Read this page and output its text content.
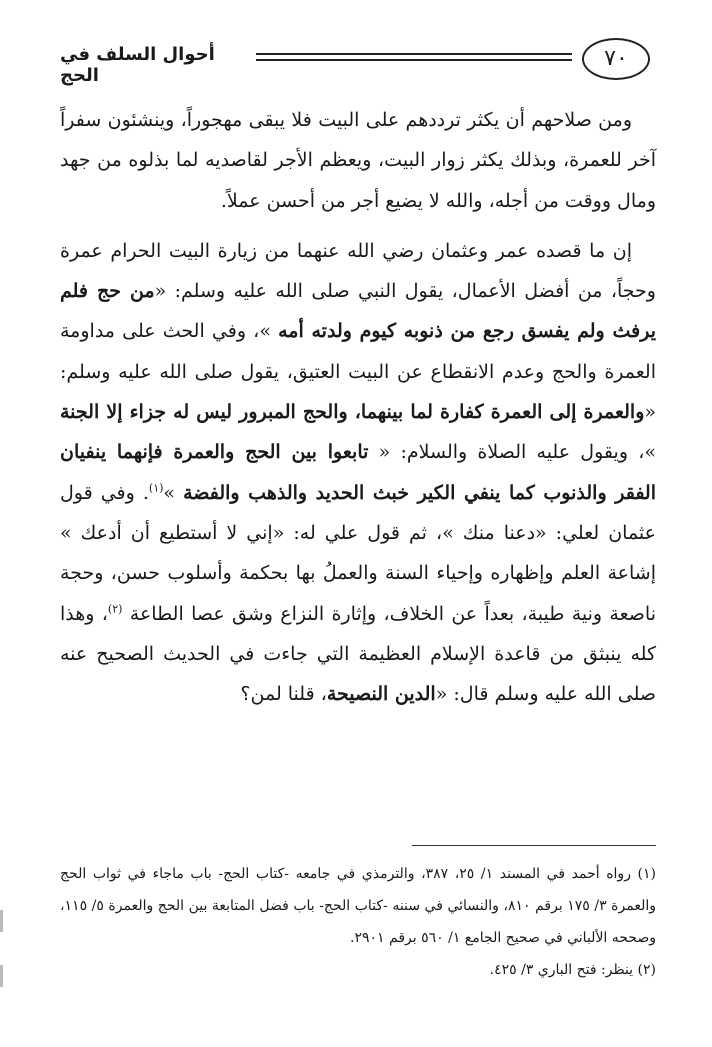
أحوال السلف في الحج
٧٠

ومن صلاحهم أن يكثر ترددهم على البيت فلا يبقى مهجوراً، وينشئون سفراً آخر للعمرة، وبذلك يكثر زوار البيت، ويعظم الأجر لقاصديه لما بذلوه من جهد ومال ووقت من أجله، والله لا يضيع أجر من أحسن عملاً.

إن ما قصده عمر وعثمان رضي الله عنهما من زيارة البيت الحرام عمرة وحجاً، من أفضل الأعمال، يقول النبي صلى الله عليه وسلم: «من حج فلم يرفث ولم يفسق رجع من ذنوبه كيوم ولدته أمه »، وفي الحث على مداومة العمرة والحج وعدم الانقطاع عن البيت العتيق، يقول صلى الله عليه وسلم: «والعمرة إلى العمرة كفارة لما بينهما، والحج المبرور ليس له جزاء إلا الجنة »، ويقول عليه الصلاة والسلام: « تابعوا بين الحج والعمرة فإنهما ينفيان الفقر والذنوب كما ينفي الكير خبث الحديد والذهب والفضة »$^{(١)}$. وفي قول عثمان لعلي: «دعنا منك »، ثم قول علي له: «إني لا أستطيع أن أدعك » إشاعة العلم وإظهاره وإحياء السنة والعملُ بها بحكمة وأسلوب حسن، وحجة ناصعة ونية طيبة، بعداً عن الخلاف، وإثارة النزاع وشق عصا الطاعة $^{(٢)}$، وهذا كله ينبثق من قاعدة الإسلام العظيمة التي جاءت في الحديث الصحيح عنه صلى الله عليه وسلم قال: «الدين النصيحة، قلنا لمن؟

(١) رواه أحمد في المسند ١/ ٢٥، ٣٨٧، والترمذي في جامعه -كتاب الحج- باب ماجاء في ثواب الحج والعمرة ٣/ ١٧٥ برقم ٨١٠، والنسائي في سننه -كتاب الحج- باب فضل المتابعة بين الحج والعمرة ٥/ ١١٥، وصححه الألباني في صحيح الجامع ١/ ٥٦٠ برقم ٢٩٠١.

(٢) ينظر: فتح الباري ٣/ ٤٢٥.
